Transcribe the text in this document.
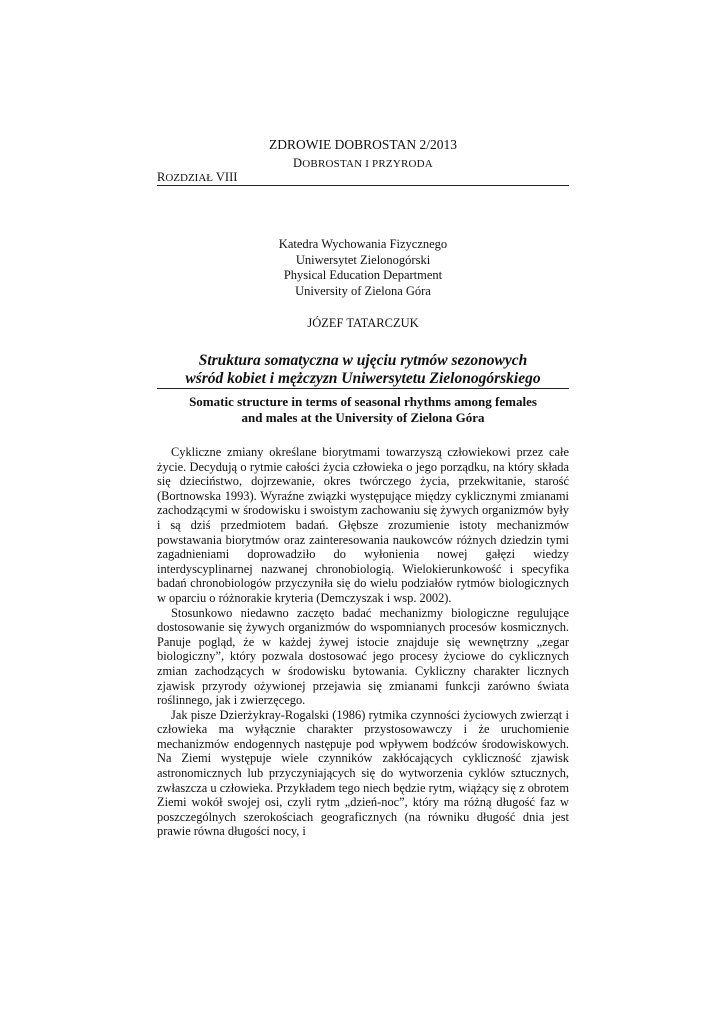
ZDROWIE DOBROSTAN 2/2013
DOBROSTAN I PRZYRODA
ROZDZIAŁ VIII
Katedra Wychowania Fizycznego
Uniwersytet Zielonogórski
Physical Education Department
University of Zielona Góra
JÓZEF TATARCZUK
Struktura somatyczna w ujęciu rytmów sezonowych
wśród kobiet i mężczyzn Uniwersytetu Zielonogórskiego
Somatic structure in terms of seasonal rhythms among females
and males at the University of Zielona Góra

Cykliczne zmiany określane biorytmami towarzyszą człowiekowi przez całe życie. Decydują o rytmie całości życia człowieka o jego porządku, na który składa się dzieciństwo, dojrzewanie, okres twórczego życia, przekwitanie, starość (Bortnowska 1993). Wyraźne związki występujące między cyklicznymi zmianami zachodzącymi w środowisku i swoistym zachowaniu się żywych organizmów były i są dziś przedmiotem badań. Głębsze zrozumienie istoty mechanizmów powstawania biorytmów oraz zainteresowania naukowców różnych dziedzin tymi zagadnieniami doprowadziło do wyłonienia nowej gałęzi wiedzy interdyscyplinarnej nazwanej chronobiologią. Wielokierunkowość i specyfika badań chronobiologów przyczyniła się do wielu podziałów rytmów biologicznych w oparciu o różnorakie kryteria (Demczyszak i wsp. 2002).

Stosunkowo niedawno zaczęto badać mechanizmy biologiczne regulujące dostosowanie się żywych organizmów do wspomnianych procesów kosmicznych. Panuje pogląd, że w każdej żywej istocie znajduje się wewnętrzny „zegar biologiczny”, który pozwala dostosować jego procesy życiowe do cyklicznych zmian zachodzących w środowisku bytowania. Cykliczny charakter licznych zjawisk przyrody ożywionej przejawia się zmianami funkcji zarówno świata roślinnego, jak i zwierzęcego.

Jak pisze Dzierżykray-Rogalski (1986) rytmika czynności życiowych zwierząt i człowieka ma wyłącznie charakter przystosowawczy i że uruchomienie mechanizmów endogennych następuje pod wpływem bodźców środowiskowych. Na Ziemi występuje wiele czynników zakłócających cykliczność zjawisk astronomicznych lub przyczyniających się do wytworzenia cyklów sztucznych, zwłaszcza u człowieka. Przykładem tego niech będzie rytm, wiążący się z obrotem Ziemi wokół swojej osi, czyli rytm „dzień-noc”, który ma różną długość faz w poszczególnych szerokościach geograficznych (na równiku długość dnia jest prawie równa długości nocy, i
